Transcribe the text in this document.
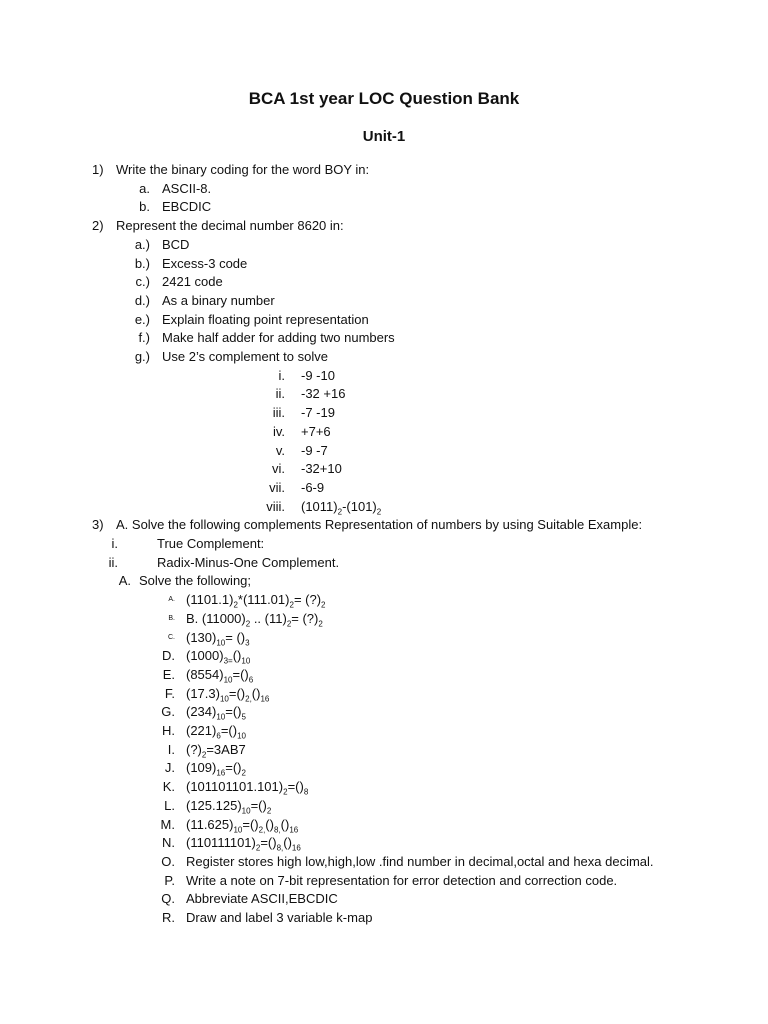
BCA 1st year LOC Question Bank
Unit-1
1) Write the binary coding for the word BOY in:
a. ASCII-8.
b. EBCDIC
2) Represent the decimal number 8620 in:
a.) BCD
b.) Excess-3 code
c.) 2421 code
d.) As a binary number
e.) Explain floating point representation
f.) Make half adder for adding two numbers
g.) Use 2’s complement to solve
i. -9 -10
ii. -32 +16
iii. -7 -19
iv. +7+6
v. -9 -7
vi. -32+10
vii. -6-9
viii. $(1011)_2-(101)_2$
3) A. Solve the following complements Representation of numbers by using Suitable Example:
i.	True Complement:
ii.	Radix-Minus-One Complement.
A. Solve the following;
A. $(1101.1)_2*(111.01)_2=$ $(?)_2$
B. B. $(11000)_2$ .. $(11)_2=$ $(?)_2$
C. $(130)_{10}= ()_3$
D. $(1000)_{3=}()_{10}$
E. $(8554)_{10}=()_6$
F. $(17.3)_{10}=()_{2,}()_{16}$
G. $(234)_{10}=()_5$
H. $(221)_6=()_{10}$
I. $(?)_2=3AB7$
J. $(109)_{16}=()_2$
K. $(101101101.101)_2=()_8$
L. $(125.125)_{10}=()_2$
M. $(11.625)_{10}=()_{2,}()_{8,}()_{16}$
N. $(110111101)_2=()_{8,}()_{16}$
O. Register stores high low,high,low .find number in decimal,octal and hexa decimal.
P. Write a note on 7-bit representation for error detection and correction code.
Q. Abbreviate ASCII,EBCDIC
R. Draw and label 3 variable k-map
